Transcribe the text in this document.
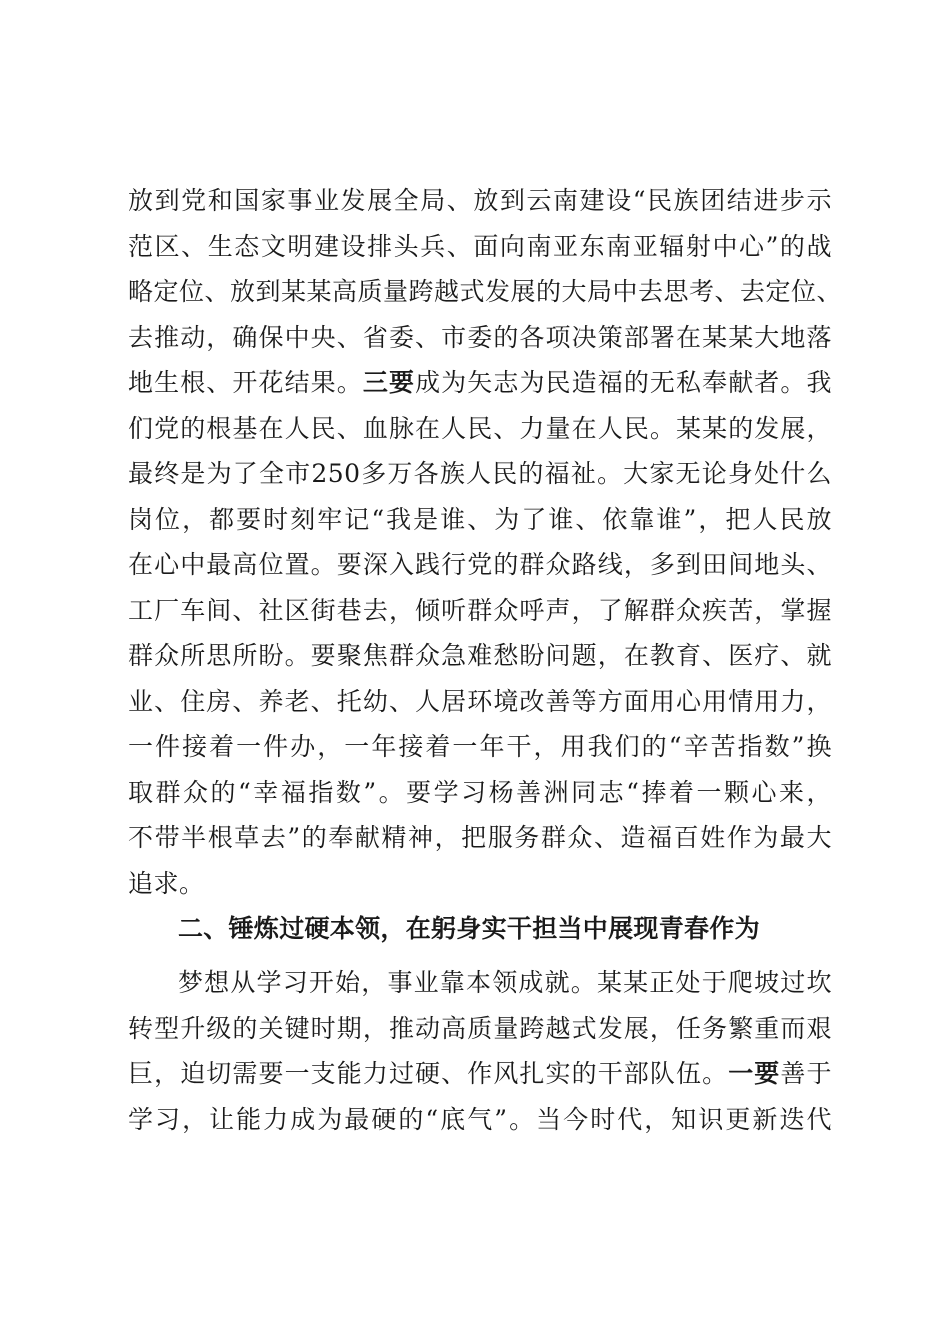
放到党和国家事业发展全局、放到云南建设“民族团结进步示
范区、生态文明建设排头兵、面向南亚东南亚辐射中心”的战
略定位、放到某某高质量跨越式发展的大局中去思考、去定位、
去推动，确保中央、省委、市委的各项决策部署在某某大地落
地生根、开花结果。三要成为矢志为民造福的无私奉献者。我
们党的根基在人民、血脉在人民、力量在人民。某某的发展，
最终是为了全市250多万各族人民的福祉。大家无论身处什么
岗位，都要时刻牢记“我是谁、为了谁、依靠谁”，把人民放
在心中最高位置。要深入践行党的群众路线，多到田间地头、
工厂车间、社区街巷去，倾听群众呼声，了解群众疾苦，掌握
群众所思所盼。要聚焦群众急难愁盼问题，在教育、医疗、就
业、住房、养老、托幼、人居环境改善等方面用心用情用力，
一件接着一件办，一年接着一年干，用我们的“辛苦指数”换
取群众的“幸福指数”。要学习杨善洲同志“捧着一颗心来，
不带半根草去”的奉献精神，把服务群众、造福百姓作为最大
追求。
二、锤炼过硬本领，在躬身实干担当中展现青春作为
梦想从学习开始，事业靠本领成就。某某正处于爬坡过坎
转型升级的关键时期，推动高质量跨越式发展，任务繁重而艰
巨，迫切需要一支能力过硬、作风扎实的干部队伍。一要善于
学习，让能力成为最硬的“底气”。当今时代，知识更新迭代
